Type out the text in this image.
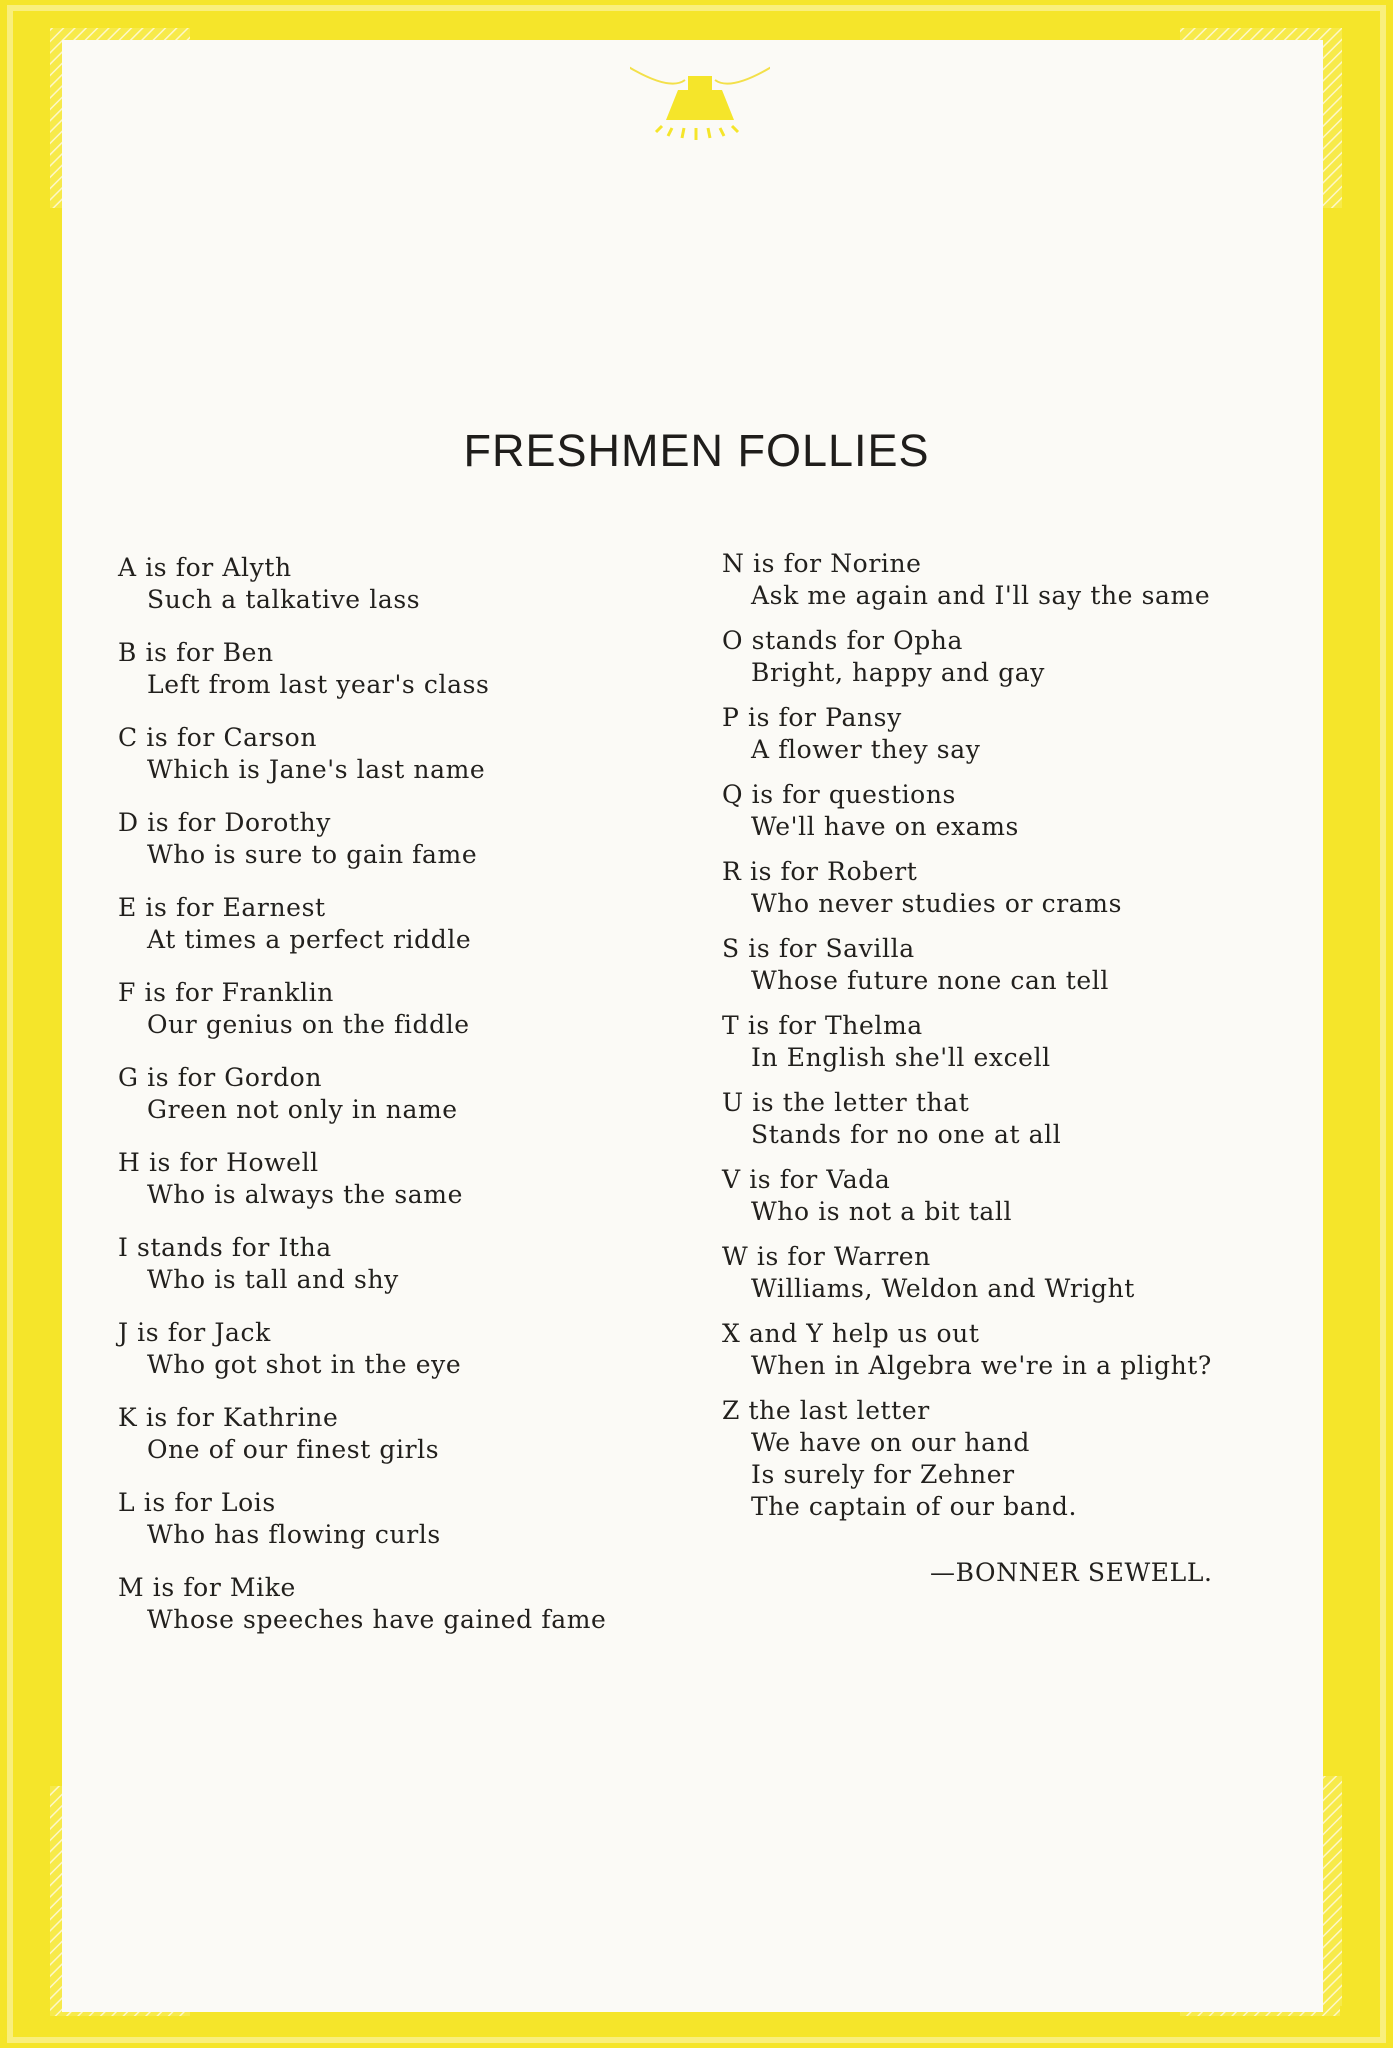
FRESHMEN FOLLIES
A is for Alyth
Such a talkative lass
B is for Ben
Left from last year's class
C is for Carson
Which is Jane's last name
D is for Dorothy
Who is sure to gain fame
E is for Earnest
At times a perfect riddle
F is for Franklin
Our genius on the fiddle
G is for Gordon
Green not only in name
H is for Howell
Who is always the same
I stands for Itha
Who is tall and shy
J is for Jack
Who got shot in the eye
K is for Kathrine
One of our finest girls
L is for Lois
Who has flowing curls
M is for Mike
Whose speeches have gained fame
N is for Norine
Ask me again and I'll say the same
O stands for Opha
Bright, happy and gay
P is for Pansy
A flower they say
Q is for questions
We'll have on exams
R is for Robert
Who never studies or crams
S is for Savilla
Whose future none can tell
T is for Thelma
In English she'll excell
U is the letter that
Stands for no one at all
V is for Vada
Who is not a bit tall
W is for Warren
Williams, Weldon and Wright
X and Y help us out
When in Algebra we're in a plight?
Z the last letter
We have on our hand
Is surely for Zehner
The captain of our band.
—BONNER SEWELL.
